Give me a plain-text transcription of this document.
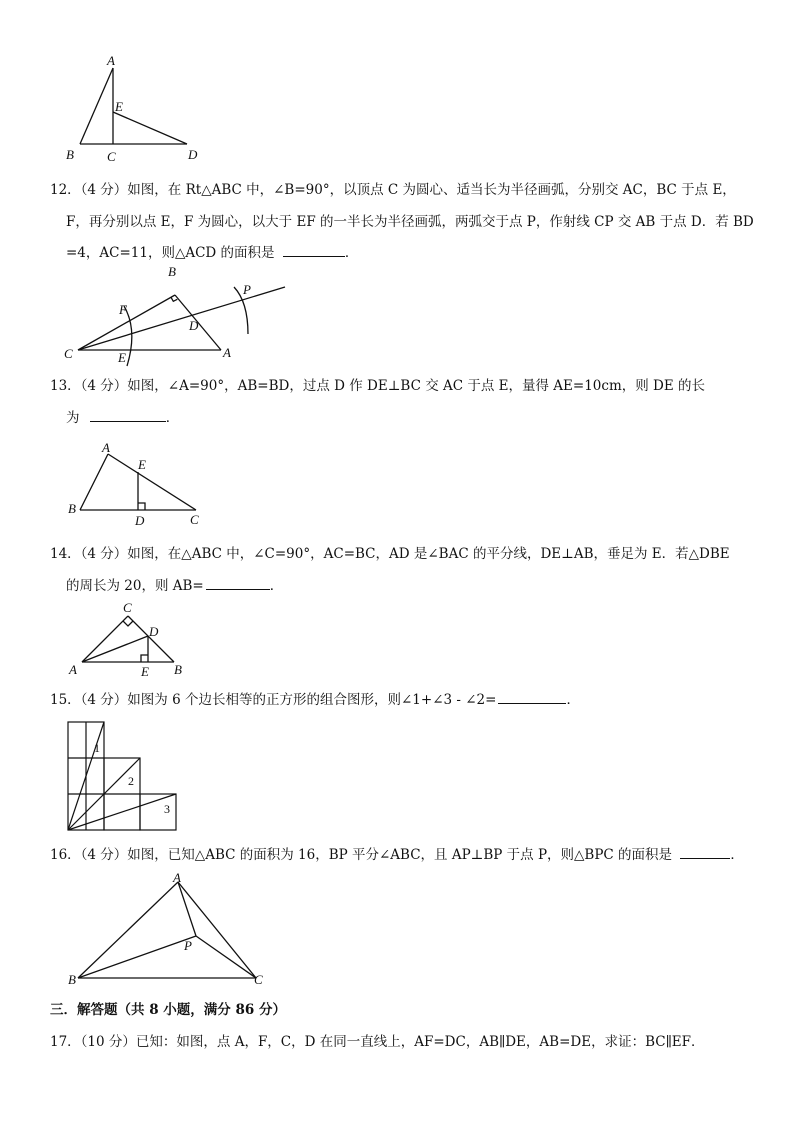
A
E
B	C	D
12．（4 分）如图，在 Rt△ABC 中，∠B=90°，以顶点 C 为圆心、适当长为半径画弧，分别交 AC，BC 于点 E，
F，再分别以点 E，F 为圆心，以大于 EF 的一半长为半径画弧，两弧交于点 P，作射线 CP 交 AB 于点 D．若 BD
=4，AC=11，则△ACD 的面积是	．
B
F
P
D
C	E	A
13．（4 分）如图，∠A=90°，AB=BD，过点 D 作 DE⊥BC 交 AC 于点 E，量得 AE=10cm，则 DE 的长
为	．
A
E
B
D	C
14．（4 分）如图，在△ABC 中，∠C=90°，AC=BC，AD 是∠BAC 的平分线，DE⊥AB，垂足为 E．若△DBE
的周长为 20，则 AB=	．
C
D
A	E B
15．（4 分）如图为 6 个边长相等的正方形的组合图形，则∠1+∠3 - ∠2=	．
1
2
3
16．（4 分）如图，已知△ABC 的面积为 16，BP 平分∠ABC，且 AP⊥BP 于点 P，则△BPC 的面积是	．
A
P
B	C
三．解答题（共 8 小题，满分 86 分）
17．（10 分）已知：如图，点 A，F，C，D 在同一直线上，AF=DC，AB∥DE，AB=DE，求证：BC∥EF．
